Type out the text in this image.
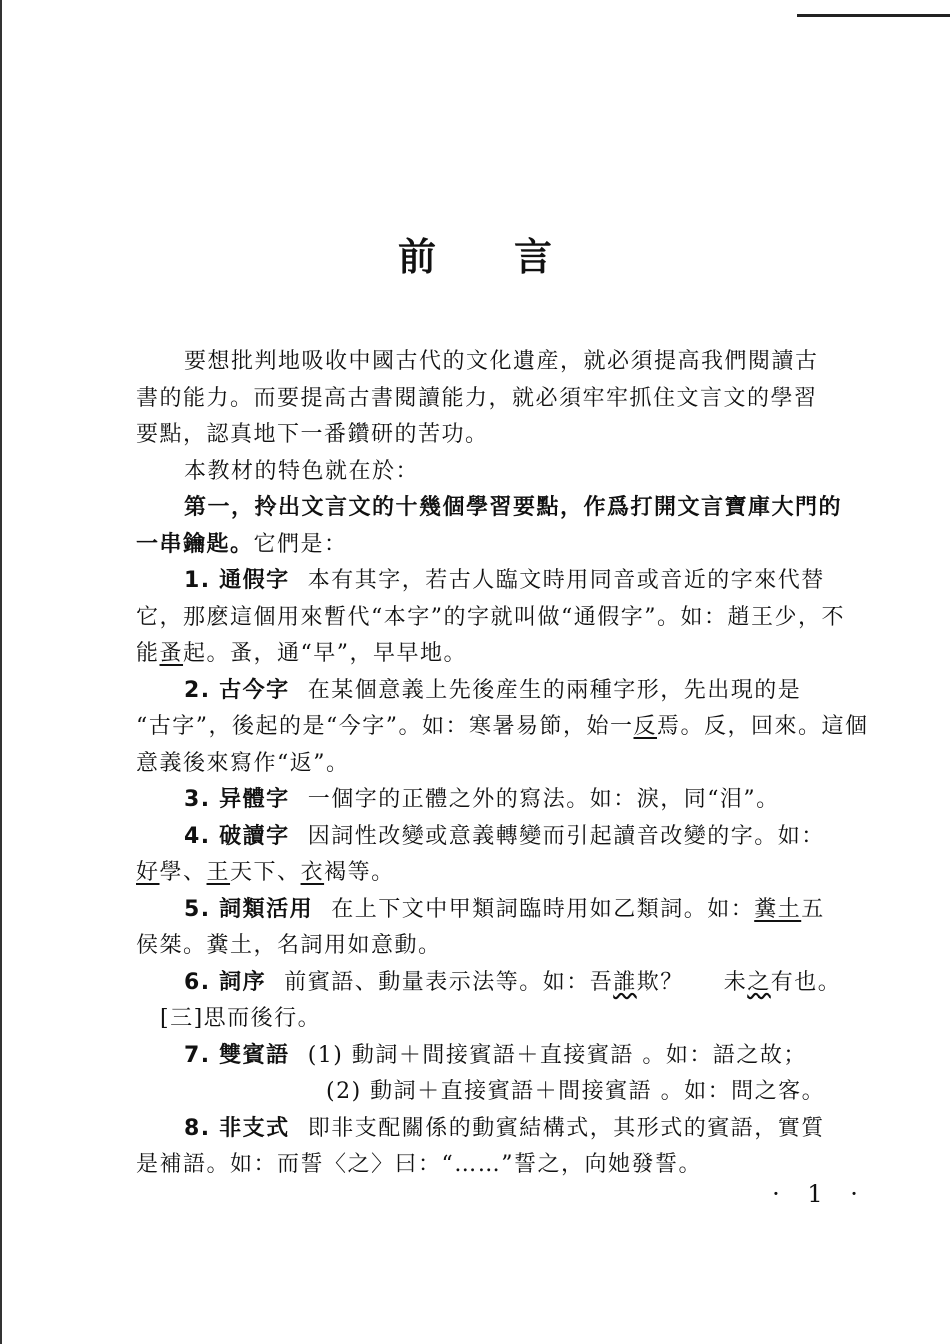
前言
要想批判地吸收中國古代的文化遺産，就必須提高我們閱讀古
書的能力。而要提高古書閱讀能力，就必須牢牢抓住文言文的學習
要點，認真地下一番鑽研的苦功。
本教材的特色就在於：
第一，拎出文言文的十幾個學習要點，作爲打開文言寶庫大門的
一串鑰匙。它們是：
1. 通假字 本有其字，若古人臨文時用同音或音近的字來代替
它，那麽這個用來暫代“本字”的字就叫做“通假字”。如：趙王少，不
能蚤起。蚤，通“早”，早早地。
2. 古今字 在某個意義上先後産生的兩種字形，先出現的是
“古字”，後起的是“今字”。如：寒暑易節，始一反焉。反，回來。這個
意義後來寫作“返”。
3. 异體字 一個字的正體之外的寫法。如：淚，同“泪”。
4. 破讀字 因詞性改變或意義轉變而引起讀音改變的字。如：
好學、王天下、衣褐等。
5. 詞類活用 在上下文中甲類詞臨時用如乙類詞。如：糞土五
侯桀。糞土，名詞用如意動。
6. 詞序 前賓語、動量表示法等。如：吾誰欺？ 未之有也。
[三]思而後行。
7. 雙賓語 (1) 動詞＋間接賓語＋直接賓語 。如：語之故；
(2) 動詞＋直接賓語＋間接賓語 。如：問之客。
8. 非支式 即非支配關係的動賓結構式，其形式的賓語，實質
是補語。如：而誓〈之〉曰：“……”誓之，向她發誓。
· 1 ·
